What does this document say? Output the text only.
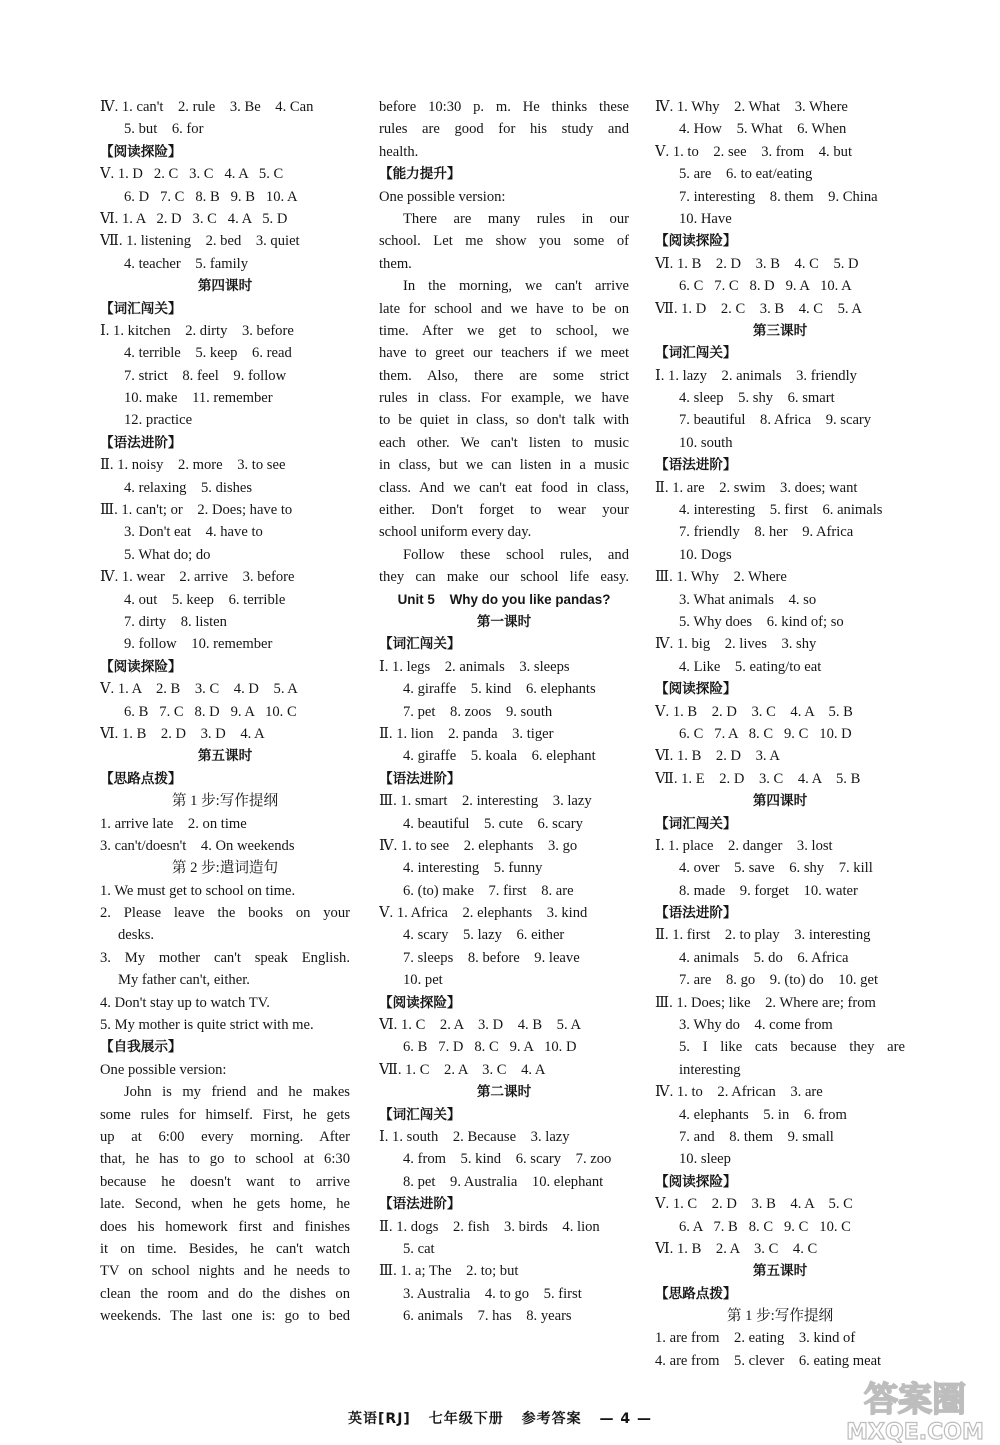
Ⅳ. 1. can't    2. rule    3. Be    4. Can
5. but    6. for
【阅读探险】
Ⅴ. 1. D   2. C   3. C   4. A   5. C
6. D   7. C   8. B   9. B   10. A
Ⅵ. 1. A   2. D   3. C   4. A   5. D
Ⅶ. 1. listening    2. bed    3. quiet
4. teacher    5. family
第四课时
【词汇闯关】
Ⅰ. 1. kitchen    2. dirty    3. before
4. terrible    5. keep    6. read
7. strict    8. feel    9. follow
10. make    11. remember
12. practice
【语法进阶】
Ⅱ. 1. noisy    2. more    3. to see
4. relaxing    5. dishes
Ⅲ. 1. can't; or    2. Does; have to
3. Don't eat    4. have to
5. What do; do
Ⅳ. 1. wear    2. arrive    3. before
4. out    5. keep    6. terrible
7. dirty    8. listen
9. follow    10. remember
【阅读探险】
Ⅴ. 1. A    2. B    3. C    4. D    5. A
6. B   7. C   8. D   9. A   10. C
Ⅵ. 1. B    2. D    3. D    4. A
第五课时
【思路点拨】
第 1 步:写作提纲
1. arrive late    2. on time
3. can't/doesn't    4. On weekends
第 2 步:遣词造句
1. We must get to school on time.
2. Please leave the books on your
desks.
3. My mother can't speak English.
My father can't, either.
4. Don't stay up to watch TV.
5. My mother is quite strict with me.
【自我展示】
One possible version:
John is my friend and he makes
some rules for himself. First, he gets
up at 6:00 every morning. After
that, he has to go to school at 6:30
because he doesn't want to arrive
late. Second, when he gets home, he
does his homework first and finishes
it on time. Besides, he can't watch
TV on school nights and he needs to
clean the room and do the dishes on
weekends. The last one is: go to bed
before 10:30 p. m. He thinks these
rules are good for his study and
health.
【能力提升】
One possible version:
There are many rules in our
school. Let me show you some of
them.
In the morning, we can't arrive
late for school and we have to be on
time. After we get to school, we
have to greet our teachers if we meet
them. Also, there are some strict
rules in class. For example, we have
to be quiet in class, so don't talk with
each other. We can't listen to music
in class, but we can listen in a music
class. And we can't eat food in class,
either. Don't forget to wear your
school uniform every day.
Follow these school rules, and
they can make our school life easy.
Unit 5    Why do you like pandas?
第一课时
【词汇闯关】
Ⅰ. 1. legs    2. animals    3. sleeps
4. giraffe    5. kind    6. elephants
7. pet    8. zoos    9. south
Ⅱ. 1. lion    2. panda    3. tiger
4. giraffe    5. koala    6. elephant
【语法进阶】
Ⅲ. 1. smart    2. interesting    3. lazy
4. beautiful    5. cute    6. scary
Ⅳ. 1. to see    2. elephants    3. go
4. interesting    5. funny
6. (to) make    7. first    8. are
Ⅴ. 1. Africa    2. elephants    3. kind
4. scary    5. lazy    6. either
7. sleeps    8. before    9. leave
10. pet
【阅读探险】
Ⅵ. 1. C    2. A    3. D    4. B    5. A
6. B   7. D   8. C   9. A   10. D
Ⅶ. 1. C    2. A    3. C    4. A
第二课时
【词汇闯关】
Ⅰ. 1. south    2. Because    3. lazy
4. from    5. kind    6. scary    7. zoo
8. pet    9. Australia    10. elephant
【语法进阶】
Ⅱ. 1. dogs    2. fish    3. birds    4. lion
5. cat
Ⅲ. 1. a; The    2. to; but
3. Australia    4. to go    5. first
6. animals    7. has    8. years
Ⅳ. 1. Why    2. What    3. Where
4. How    5. What    6. When
Ⅴ. 1. to    2. see    3. from    4. but
5. are    6. to eat/eating
7. interesting    8. them    9. China
10. Have
【阅读探险】
Ⅵ. 1. B    2. D    3. B    4. C    5. D
6. C   7. C   8. D   9. A   10. A
Ⅶ. 1. D    2. C    3. B    4. C    5. A
第三课时
【词汇闯关】
Ⅰ. 1. lazy    2. animals    3. friendly
4. sleep    5. shy    6. smart
7. beautiful    8. Africa    9. scary
10. south
【语法进阶】
Ⅱ. 1. are    2. swim    3. does; want
4. interesting    5. first    6. animals
7. friendly    8. her    9. Africa
10. Dogs
Ⅲ. 1. Why    2. Where
3. What animals    4. so
5. Why does    6. kind of; so
Ⅳ. 1. big    2. lives    3. shy
4. Like    5. eating/to eat
【阅读探险】
Ⅴ. 1. B    2. D    3. C    4. A    5. B
6. C   7. A   8. C   9. C   10. D
Ⅵ. 1. B    2. D    3. A
Ⅶ. 1. E    2. D    3. C    4. A    5. B
第四课时
【词汇闯关】
Ⅰ. 1. place    2. danger    3. lost
4. over    5. save    6. shy    7. kill
8. made    9. forget    10. water
【语法进阶】
Ⅱ. 1. first    2. to play    3. interesting
4. animals    5. do    6. Africa
7. are    8. go    9. (to) do    10. get
Ⅲ. 1. Does; like    2. Where are; from
3. Why do    4. come from
5. I like cats because they are
interesting
Ⅳ. 1. to    2. African    3. are
4. elephants    5. in    6. from
7. and    8. them    9. small
10. sleep
【阅读探险】
Ⅴ. 1. C    2. D    3. B    4. A    5. C
6. A   7. B   8. C   9. C   10. C
Ⅵ. 1. B    2. A    3. C    4. C
第五课时
【思路点拨】
第 1 步:写作提纲
1. are from    2. eating    3. kind of
4. are from    5. clever    6. eating meat
英语[RJ] 七年级下册 参考答案 — 4 —	答案圈
MXQE.COM
